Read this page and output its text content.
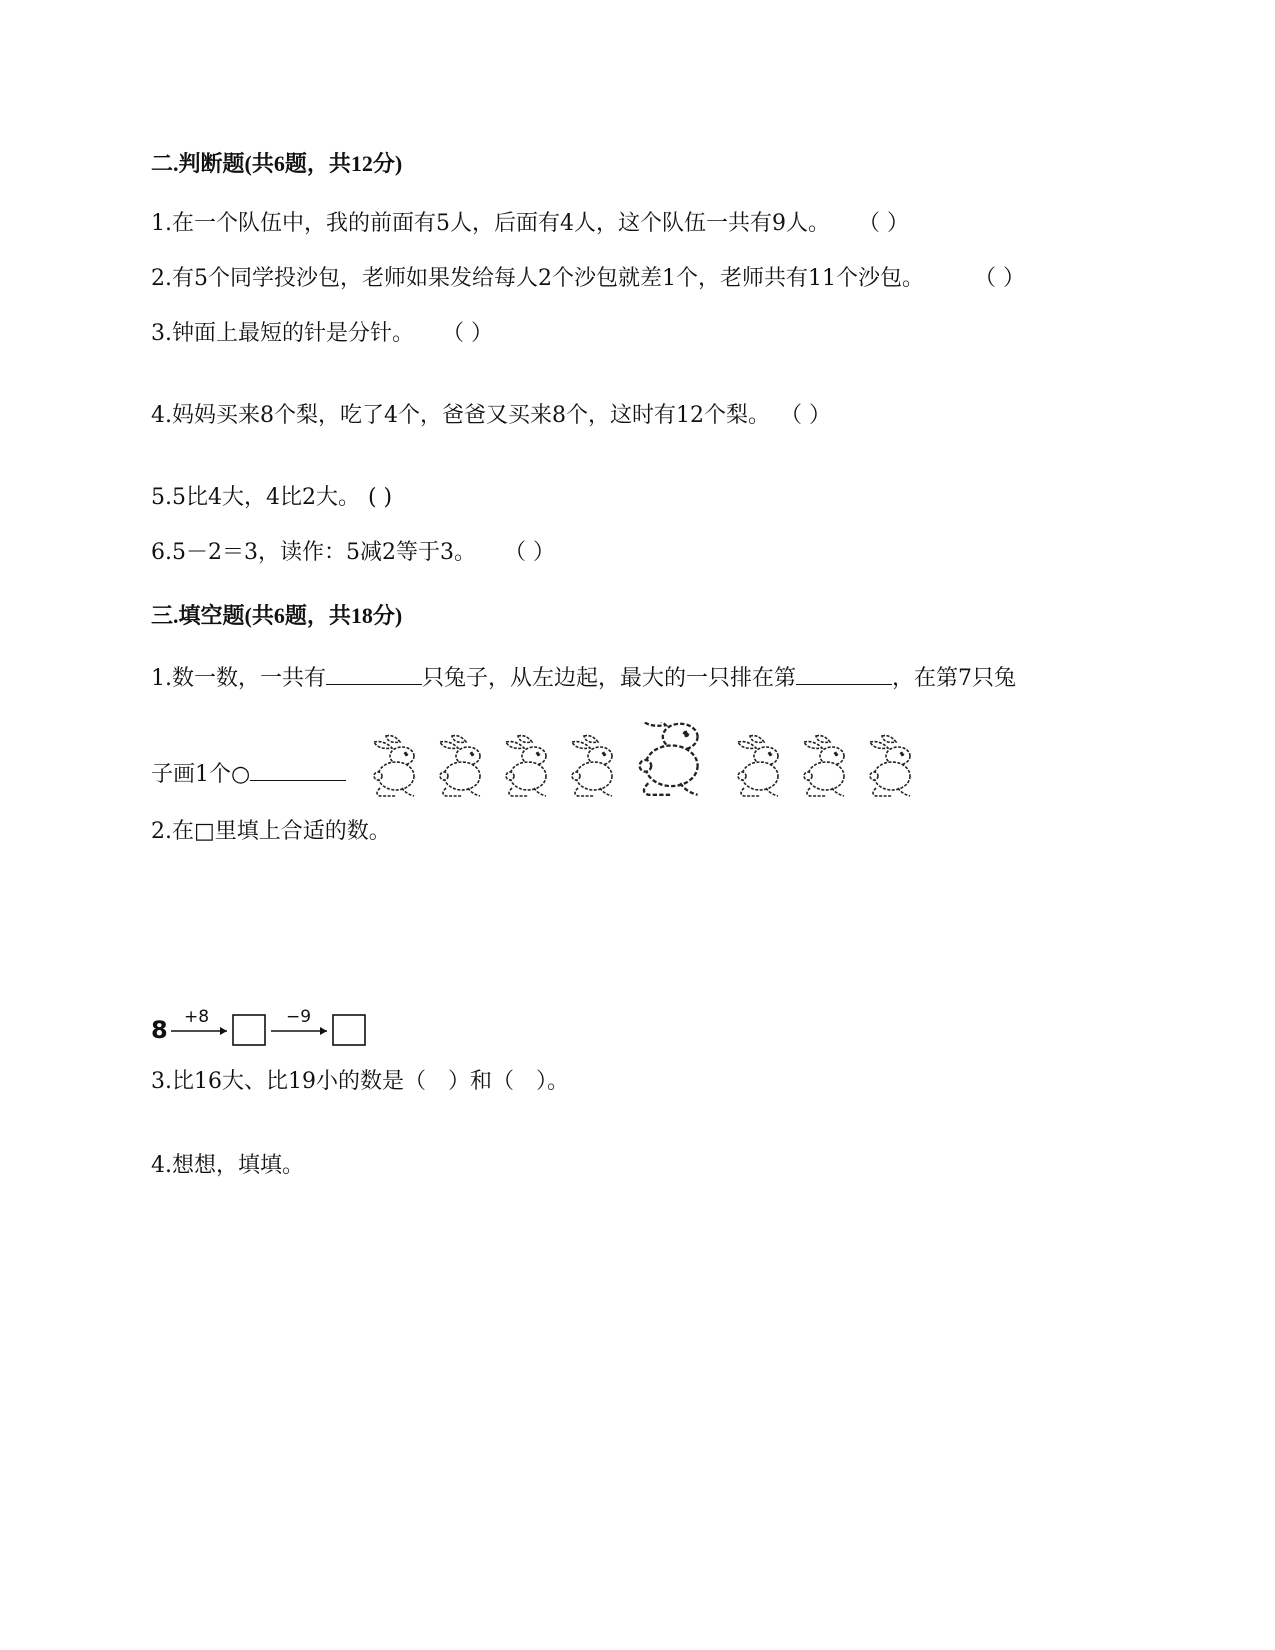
二.判断题(共6题，共12分)
1.在一个队伍中，我的前面有5人，后面有4人，这个队伍一共有9人。 （ ）
2.有5个同学投沙包，老师如果发给每人2个沙包就差1个，老师共有11个沙包。 （ ）
3.钟面上最短的针是分针。 （ ）
4.妈妈买来8个梨，吃了4个，爸爸又买来8个，这时有12个梨。 （ ）
5.5比4大，4比2大。 ( )
6.5－2＝3，读作：5减2等于3。 （ ）
三.填空题(共6题，共18分)
1.数一数，一共有	只兔子，从左边起，最大的一只排在第	，在第7只兔
子画1个○
2.在□里填上合适的数。
8 +8	−9
3.比16大、比19小的数是（　）和（　）。
4.想想，填填。
